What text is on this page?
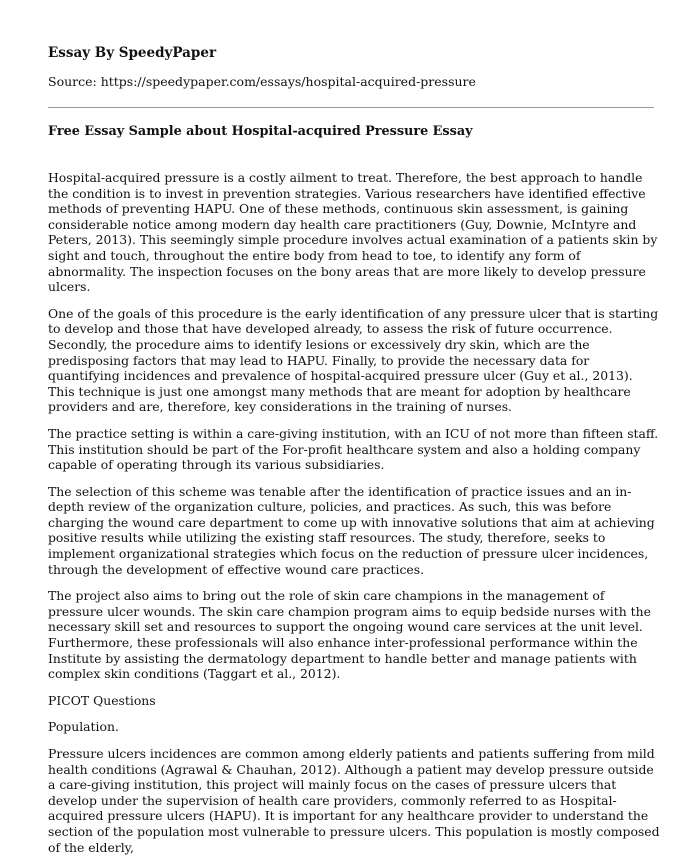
Essay By SpeedyPaper
Source: https://speedypaper.com/essays/hospital-acquired-pressure
Free Essay Sample about Hospital-acquired Pressure Essay

Hospital-acquired pressure is a costly ailment to treat. Therefore, the best approach to handle the condition is to invest in prevention strategies. Various researchers have identified effective methods of preventing HAPU. One of these methods, continuous skin assessment, is gaining considerable notice among modern day health care practitioners (Guy, Downie, McIntyre and Peters, 2013). This seemingly simple procedure involves actual examination of a patients skin by sight and touch, throughout the entire body from head to toe, to identify any form of abnormality. The inspection focuses on the bony areas that are more likely to develop pressure ulcers.

One of the goals of this procedure is the early identification of any pressure ulcer that is starting to develop and those that have developed already, to assess the risk of future occurrence. Secondly, the procedure aims to identify lesions or excessively dry skin, which are the predisposing factors that may lead to HAPU. Finally, to provide the necessary data for quantifying incidences and prevalence of hospital-acquired pressure ulcer (Guy et al., 2013). This technique is just one amongst many methods that are meant for adoption by healthcare providers and are, therefore, key considerations in the training of nurses.

The practice setting is within a care-giving institution, with an ICU of not more than fifteen staff. This institution should be part of the For-profit healthcare system and also a holding company capable of operating through its various subsidiaries.

The selection of this scheme was tenable after the identification of practice issues and an in-depth review of the organization culture, policies, and practices. As such, this was before charging the wound care department to come up with innovative solutions that aim at achieving positive results while utilizing the existing staff resources. The study, therefore, seeks to implement organizational strategies which focus on the reduction of pressure ulcer incidences, through the development of effective wound care practices.

The project also aims to bring out the role of skin care champions in the management of pressure ulcer wounds. The skin care champion program aims to equip bedside nurses with the necessary skill set and resources to support the ongoing wound care services at the unit level. Furthermore, these professionals will also enhance inter-professional performance within the Institute by assisting the dermatology department to handle better and manage patients with complex skin conditions (Taggart et al., 2012).

PICOT Questions

Population.

Pressure ulcers incidences are common among elderly patients and patients suffering from mild health conditions (Agrawal & Chauhan, 2012). Although a patient may develop pressure outside a care-giving institution, this project will mainly focus on the cases of pressure ulcers that develop under the supervision of health care providers, commonly referred to as Hospital-acquired pressure ulcers (HAPU). It is important for any healthcare provider to understand the section of the population most vulnerable to pressure ulcers. This population is mostly composed of the elderly,
